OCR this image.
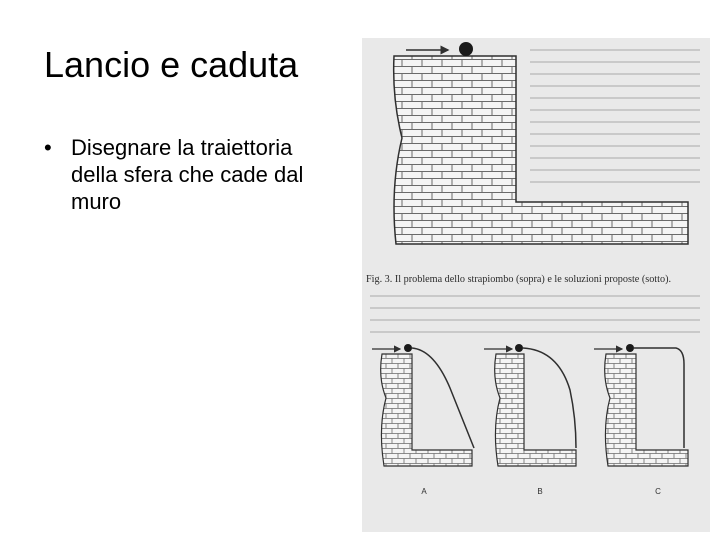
Lancio e caduta
• Disegnare la traiettoria della sfera che cade dal muro
Fig. 3. Il problema dello strapiombo (sopra) e le soluzioni proposte (sotto).
A	B	C
